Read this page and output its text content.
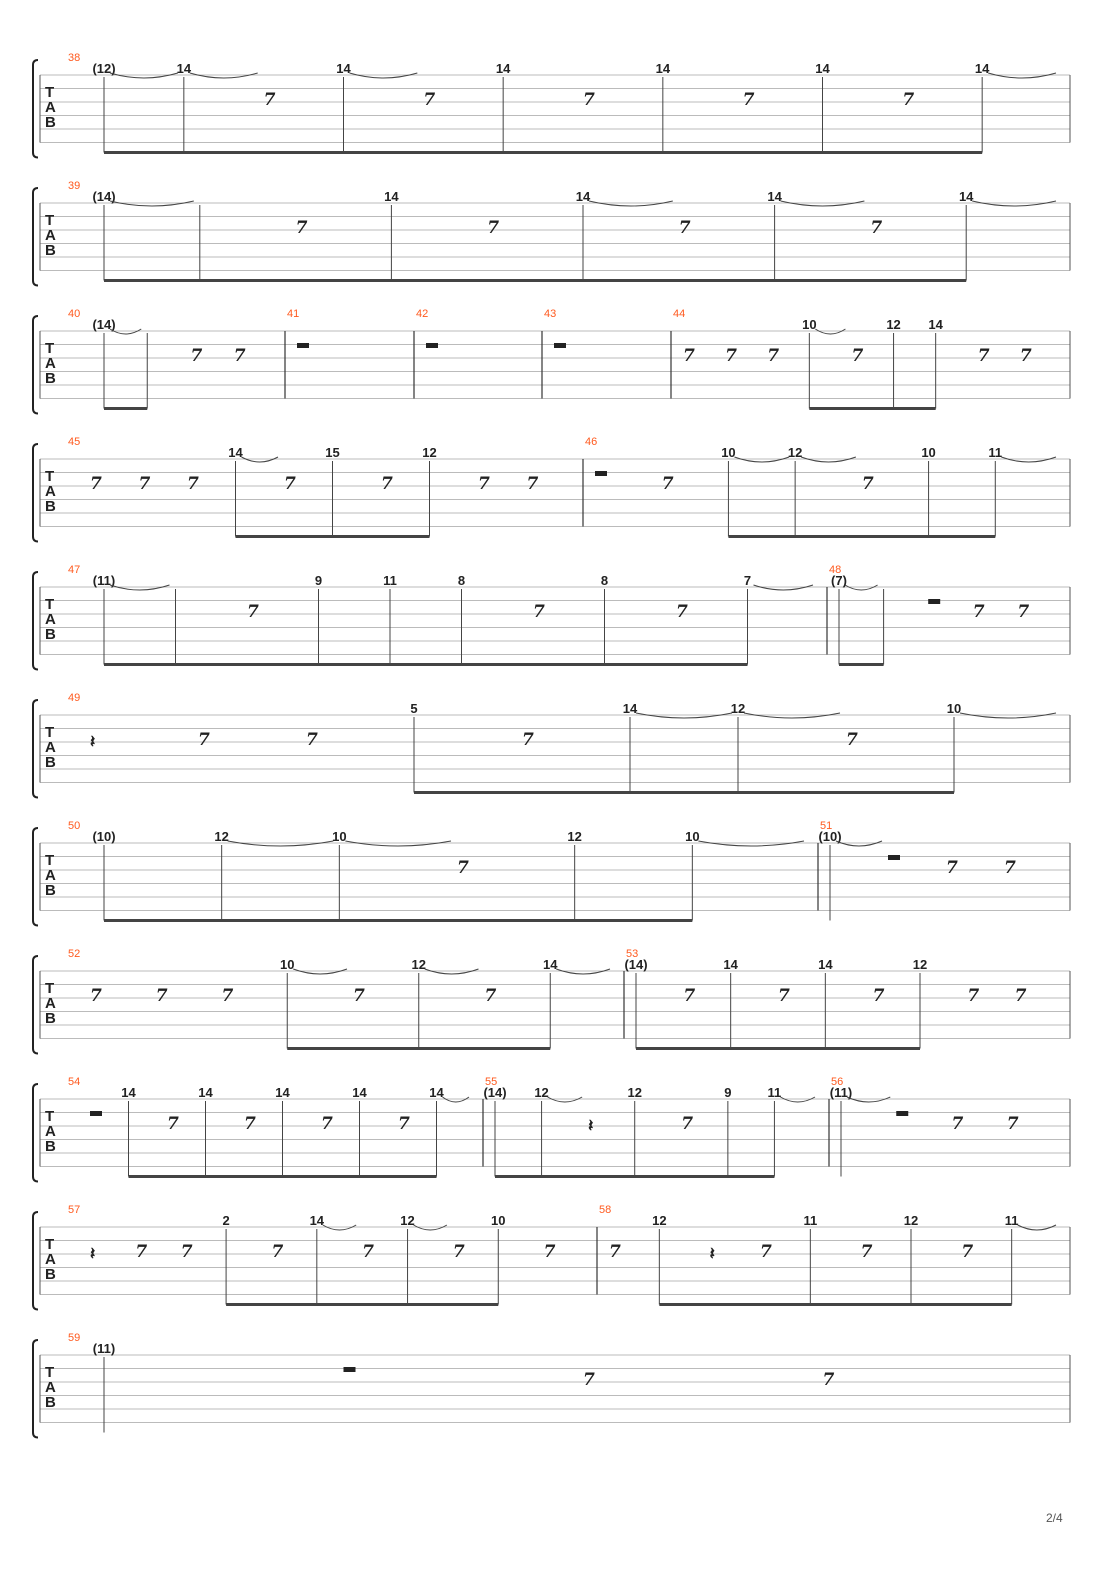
T
A
B
38
(12)	14
7
14
7
14
7
14
7
14
7
14
T
A
B
39
(14)
7
14
7
14
7
14
7
14
T
A
B
40
(14)
7 7
41	42	43	44
7 7 7
10
7
12 14
7 7
T
A
B
45
7 7 7
14
7
15
7
12
7 7
46
7
10	12
7
10	11
T
A
B
47
(11)
7
9	11	8
7
8
7
7
48
(7)
7 7
T
A
B
49
𝄽	7	7
5
7
14	12
7
10
T
A
B
50
(10)	12	10
7
12	10
51
(10)
7	7
T
A
B
52
7	7	7
10
7
12
7
14
53
(14)
7
14
7
14
7
12
7 7
T
A
B
54
14
7
14
7
14
7
14
7
14
55
(14) 12
𝄽
12
7
9	11
56
(11)
7	7
T
A
B
57
𝄽 7 7
2
7
14
7
12
7
10
7
58
7
12
𝄽	7
11
7
12
7
11
T
A
B
59
(11)
7	7
2/4
